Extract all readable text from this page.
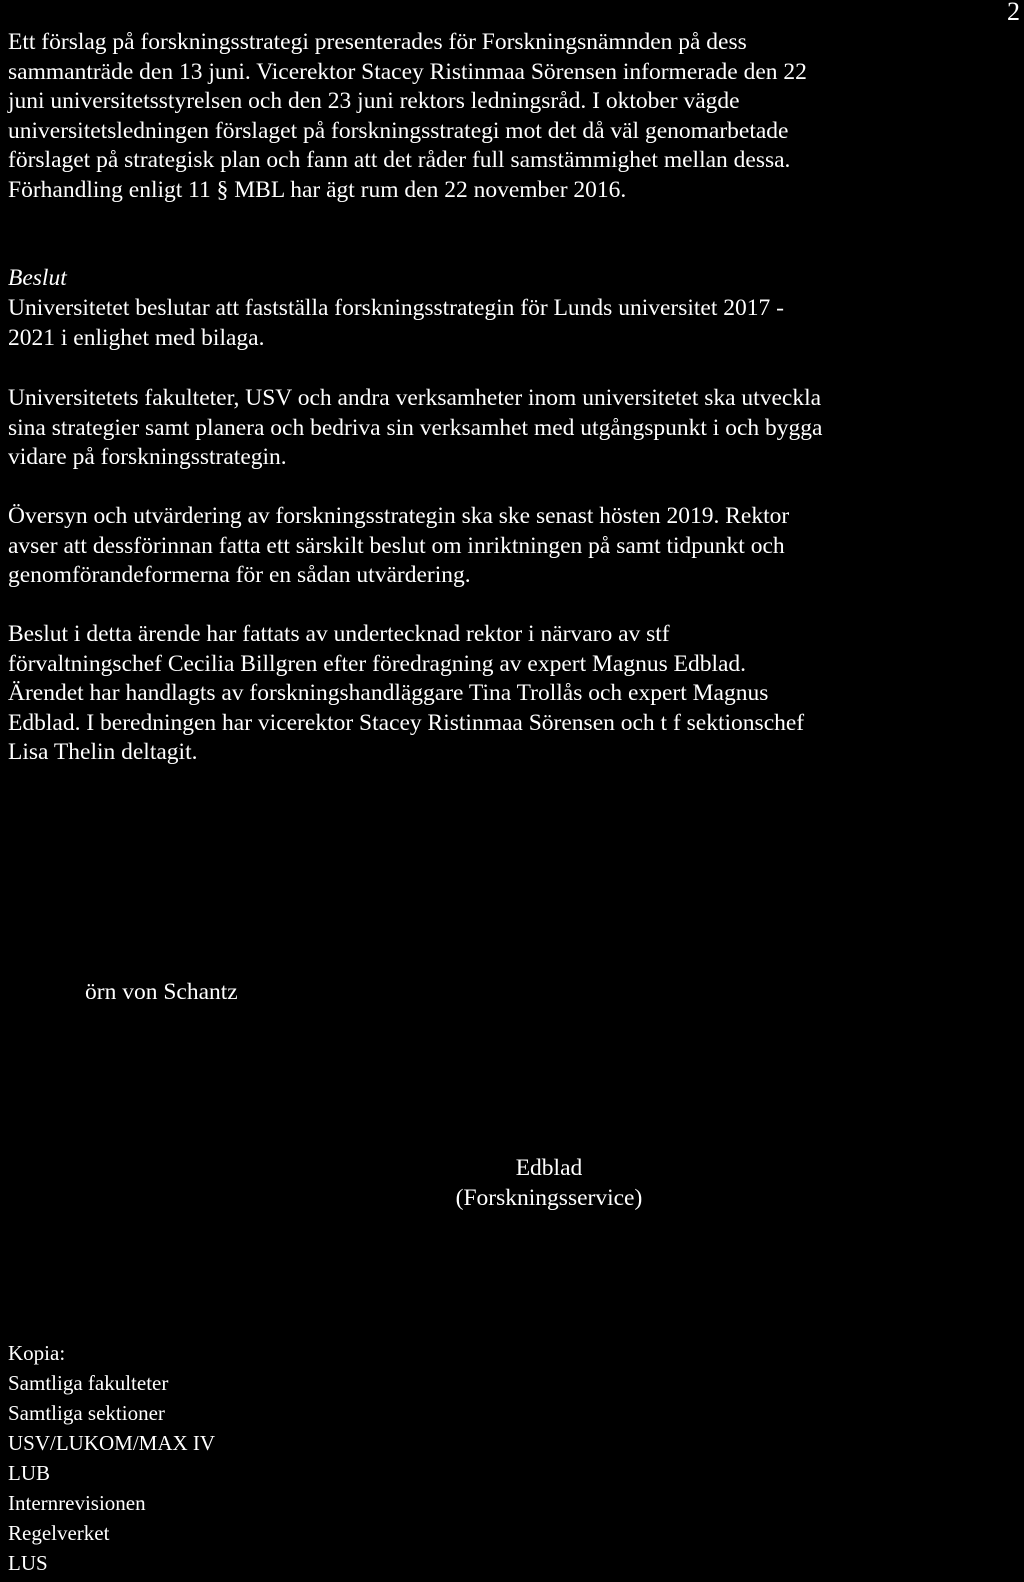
2

Ett förslag på forskningsstrategi presenterades för Forskningsnämnden på dess
sammanträde den 13 juni. Vicerektor Stacey Ristinmaa Sörensen informerade den 22
juni universitetsstyrelsen och den 23 juni rektors ledningsråd. I oktober vägde
universitetsledningen förslaget på forskningsstrategi mot det då väl genomarbetade
förslaget på strategisk plan och fann att det råder full samstämmighet mellan dessa.
Förhandling enligt 11 § MBL har ägt rum den 22 november 2016.

Beslut

Universitetet beslutar att fastställa forskningsstrategin för Lunds universitet 2017 -
2021 i enlighet med bilaga.

Universitetets fakulteter, USV och andra verksamheter inom universitetet ska utveckla
sina strategier samt planera och bedriva sin verksamhet med utgångspunkt i och bygga
vidare på forskningsstrategin.

Översyn och utvärdering av forskningsstrategin ska ske senast hösten 2019. Rektor
avser att dessförinnan fatta ett särskilt beslut om inriktningen på samt tidpunkt och
genomförandeformerna för en sådan utvärdering.

Beslut i detta ärende har fattats av undertecknad rektor i närvaro av stf
förvaltningschef Cecilia Billgren efter föredragning av expert Magnus Edblad.
Ärendet har handlagts av forskningshandläggare Tina Trollås och expert Magnus
Edblad. I beredningen har vicerektor Stacey Ristinmaa Sörensen och t f sektionschef
Lisa Thelin deltagit.

örn von Schantz
Edblad
(Forskningsservice)
Kopia:
Samtliga fakulteter
Samtliga sektioner
USV/LUKOM/MAX IV
LUB
Internrevisionen
Regelverket
LUS
